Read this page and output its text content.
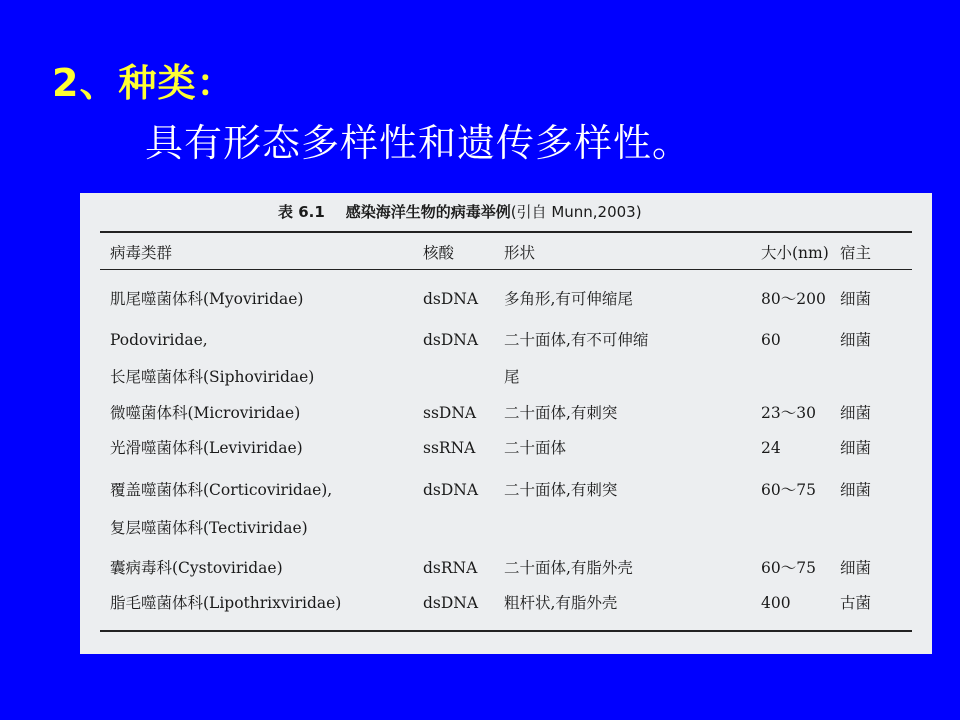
2、种类：
具有形态多样性和遗传多样性。
表 6.1 感染海洋生物的病毒举例(引自 Munn,2003)
病毒类群	核酸	形状	大小(nm) 宿主
肌尾噬菌体科(Myoviridae)	dsDNA 多角形,有可伸缩尾	80～200 细菌
Podoviridae,	dsDNA 二十面体,有不可伸缩	60	细菌
长尾噬菌体科(Siphoviridae)	尾
微噬菌体科(Microviridae)	ssDNA 二十面体,有刺突	23～30 细菌
光滑噬菌体科(Leviviridae)	ssRNA 二十面体	24	细菌
覆盖噬菌体科(Corticoviridae),	dsDNA 二十面体,有刺突	60～75 细菌
复层噬菌体科(Tectiviridae)
囊病毒科(Cystoviridae)	dsRNA 二十面体,有脂外壳	60～75 细菌
脂毛噬菌体科(Lipothrixviridae)	dsDNA 粗杆状,有脂外壳	400	古菌
